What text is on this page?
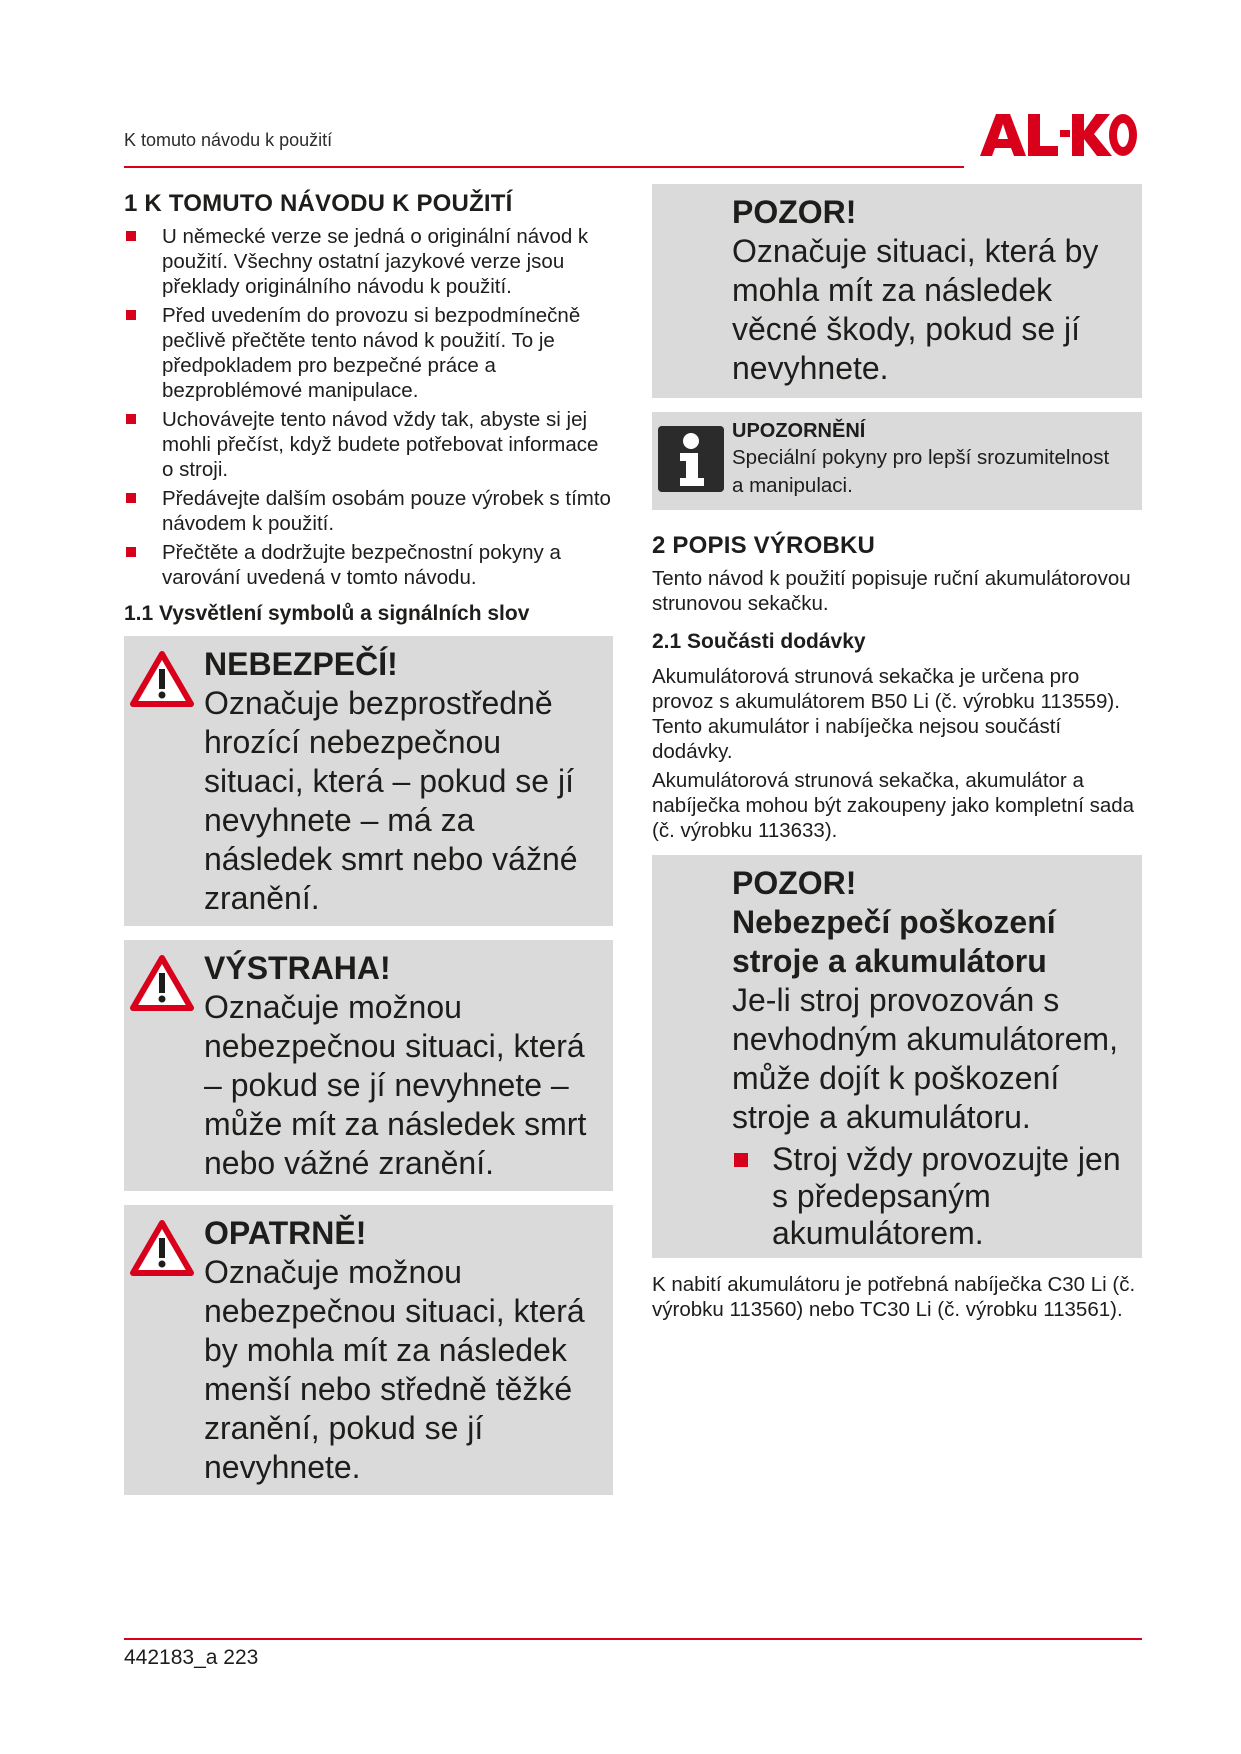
K tomuto návodu k použití
1 K TOMUTO NÁVODU K POUŽITÍ
U německé verze se jedná o originální návod k použití. Všechny ostatní jazykové verze jsou překlady originálního návodu k použití.
Před uvedením do provozu si bezpodmínečně pečlivě přečtěte tento návod k použití. To je předpokladem pro bezpečné práce a bezproblémové manipulace.
Uchovávejte tento návod vždy tak, abyste si jej mohli přečíst, když budete potřebovat informace o stroji.
Předávejte dalším osobám pouze výrobek s tímto návodem k použití.
Přečtěte a dodržujte bezpečnostní pokyny a varování uvedená v tomto návodu.
1.1 Vysvětlení symbolů a signálních slov

NEBEZPEČÍ!

Označuje bezprostředně hrozící nebezpečnou situaci, která – pokud se jí nevyhnete – má za následek smrt nebo vážné zranění.

VÝSTRAHA!

Označuje možnou nebezpečnou situaci, která – pokud se jí nevyhnete – může mít za následek smrt nebo vážné zranění.

OPATRNĚ!

Označuje možnou nebezpečnou situaci, která by mohla mít za následek menší nebo středně těžké zranění, pokud se jí nevyhnete.

POZOR!

Označuje situaci, která by mohla mít za následek věcné škody, pokud se jí nevyhnete.

UPOZORNĚNÍ
Speciální pokyny pro lepší srozumitelnost a manipulaci.
2 POPIS VÝROBKU

Tento návod k použití popisuje ruční akumulátorovou strunovou sekačku.

2.1 Součásti dodávky

Akumulátorová strunová sekačka je určena pro provoz s akumulátorem B50 Li (č. výrobku 113559). Tento akumulátor i nabíječka nejsou součástí dodávky.

Akumulátorová strunová sekačka, akumulátor a nabíječka mohou být zakoupeny jako kompletní sada (č. výrobku 113633).

POZOR!

Nebezpečí poškození stroje a akumulátoru

Je-li stroj provozován s nevhodným akumulátorem, může dojít k poškození stroje a akumulátoru.

Stroj vždy provozujte jen s předepsaným akumulátorem.

K nabití akumulátoru je potřebná nabíječka C30 Li (č. výrobku 113560) nebo TC30 Li (č. výrobku 113561).

442183_a 223
